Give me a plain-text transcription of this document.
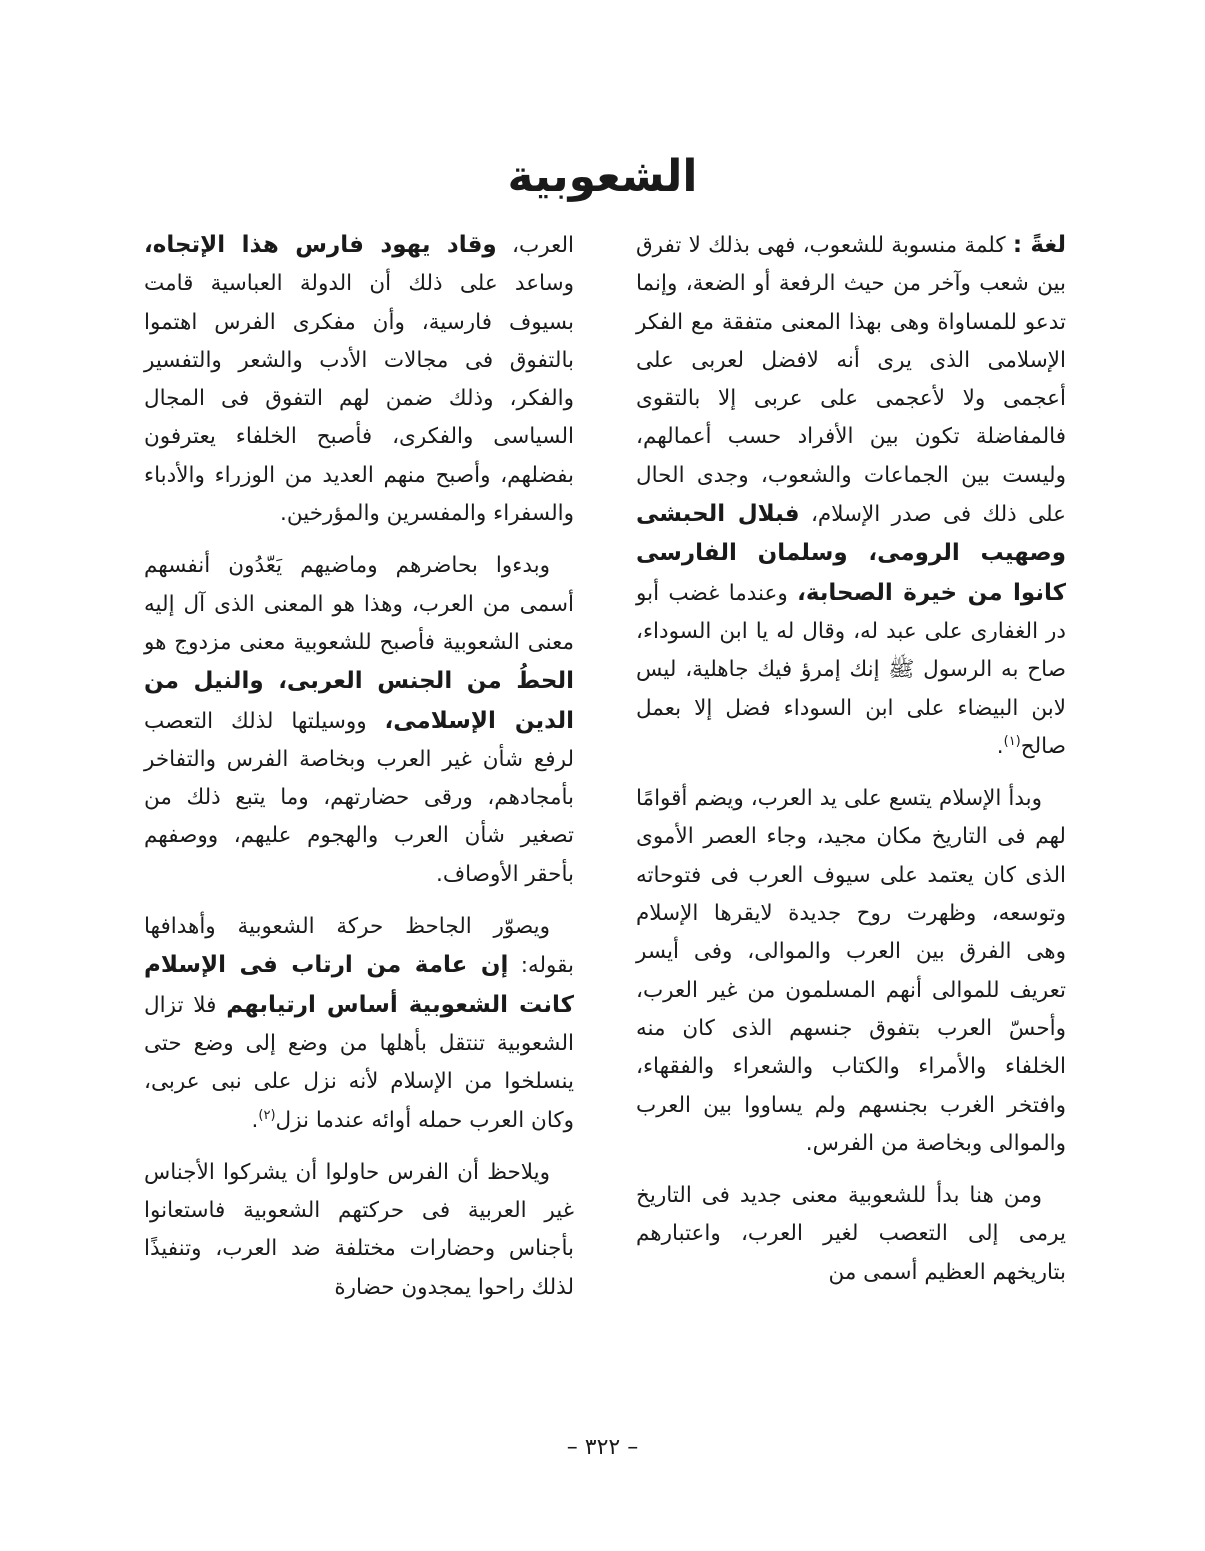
الشعوبية

لغةً : كلمة منسوبة للشعوب، فهى بذلك لا تفرق بين شعب وآخر من حيث الرفعة أو الضعة، وإنما تدعو للمساواة وهى بهذا المعنى متفقة مع الفكر الإسلامى الذى يرى أنه لافضل لعربى على أعجمى ولا لأعجمى على عربى إلا بالتقوى فالمفاضلة تكون بين الأفراد حسب أعمالهم، وليست بين الجماعات والشعوب، وجدى الحال على ذلك فى صدر الإسلام، فبلال الحبشى وصهيب الرومى، وسلمان الفارسى كانوا من خيرة الصحابة، وعندما غضب أبو در الغفارى على عبد له، وقال له يا ابن السوداء، صاح به الرسول ﷺ إنك إمرؤ فيك جاهلية، ليس لابن البيضاء على ابن السوداء فضل إلا بعمل صالح$^{(١)}$.

وبدأ الإسلام يتسع على يد العرب، ويضم أقوامًا لهم فى التاريخ مكان مجيد، وجاء العصر الأموى الذى كان يعتمد على سيوف العرب فى فتوحاته وتوسعه، وظهرت روح جديدة لايقرها الإسلام وهى الفرق بين العرب والموالى، وفى أيسر تعريف للموالى أنهم المسلمون من غير العرب، وأحسّ العرب بتفوق جنسهم الذى كان منه الخلفاء والأمراء والكتاب والشعراء والفقهاء، وافتخر الغرب بجنسهم ولم يساووا بين العرب والموالى وبخاصة من الفرس.

ومن هنا بدأ للشعوبية معنى جديد فى التاريخ يرمى إلى التعصب لغير العرب، واعتبارهم بتاريخهم العظيم أسمى من

العرب، وقاد يهود فارس هذا الإتجاه، وساعد على ذلك أن الدولة العباسية قامت بسيوف فارسية، وأن مفكرى الفرس اهتموا بالتفوق فى مجالات الأدب والشعر والتفسير والفكر، وذلك ضمن لهم التفوق فى المجال السياسى والفكرى، فأصبح الخلفاء يعترفون بفضلهم، وأصبح منهم العديد من الوزراء والأدباء والسفراء والمفسرين والمؤرخين.

وبدءوا بحاضرهم وماضيهم يَعّدُون أنفسهم أسمى من العرب، وهذا هو المعنى الذى آل إليه معنى الشعوبية فأصبح للشعوبية معنى مزدوج هو الحطُ من الجنس العربى، والنيل من الدين الإسلامى، ووسيلتها لذلك التعصب لرفع شأن غير العرب وبخاصة الفرس والتفاخر بأمجادهم، ورقى حضارتهم، وما يتبع ذلك من تصغير شأن العرب والهجوم عليهم، ووصفهم بأحقر الأوصاف.

ويصوّر الجاحظ حركة الشعوبية وأهدافها بقوله: إن عامة من ارتاب فى الإسلام كانت الشعوبية أساس ارتيابهم فلا تزال الشعوبية تنتقل بأهلها من وضع إلى وضع حتى ينسلخوا من الإسلام لأنه نزل على نبى عربى، وكان العرب حمله أوائه عندما نزل$^{(٢)}$.

ويلاحظ أن الفرس حاولوا أن يشركوا الأجناس غير العربية فى حركتهم الشعوبية فاستعانوا بأجناس وحضارات مختلفة ضد العرب، وتنفيذًا لذلك راحوا يمجدون حضارة

– ٣٢٢ –
